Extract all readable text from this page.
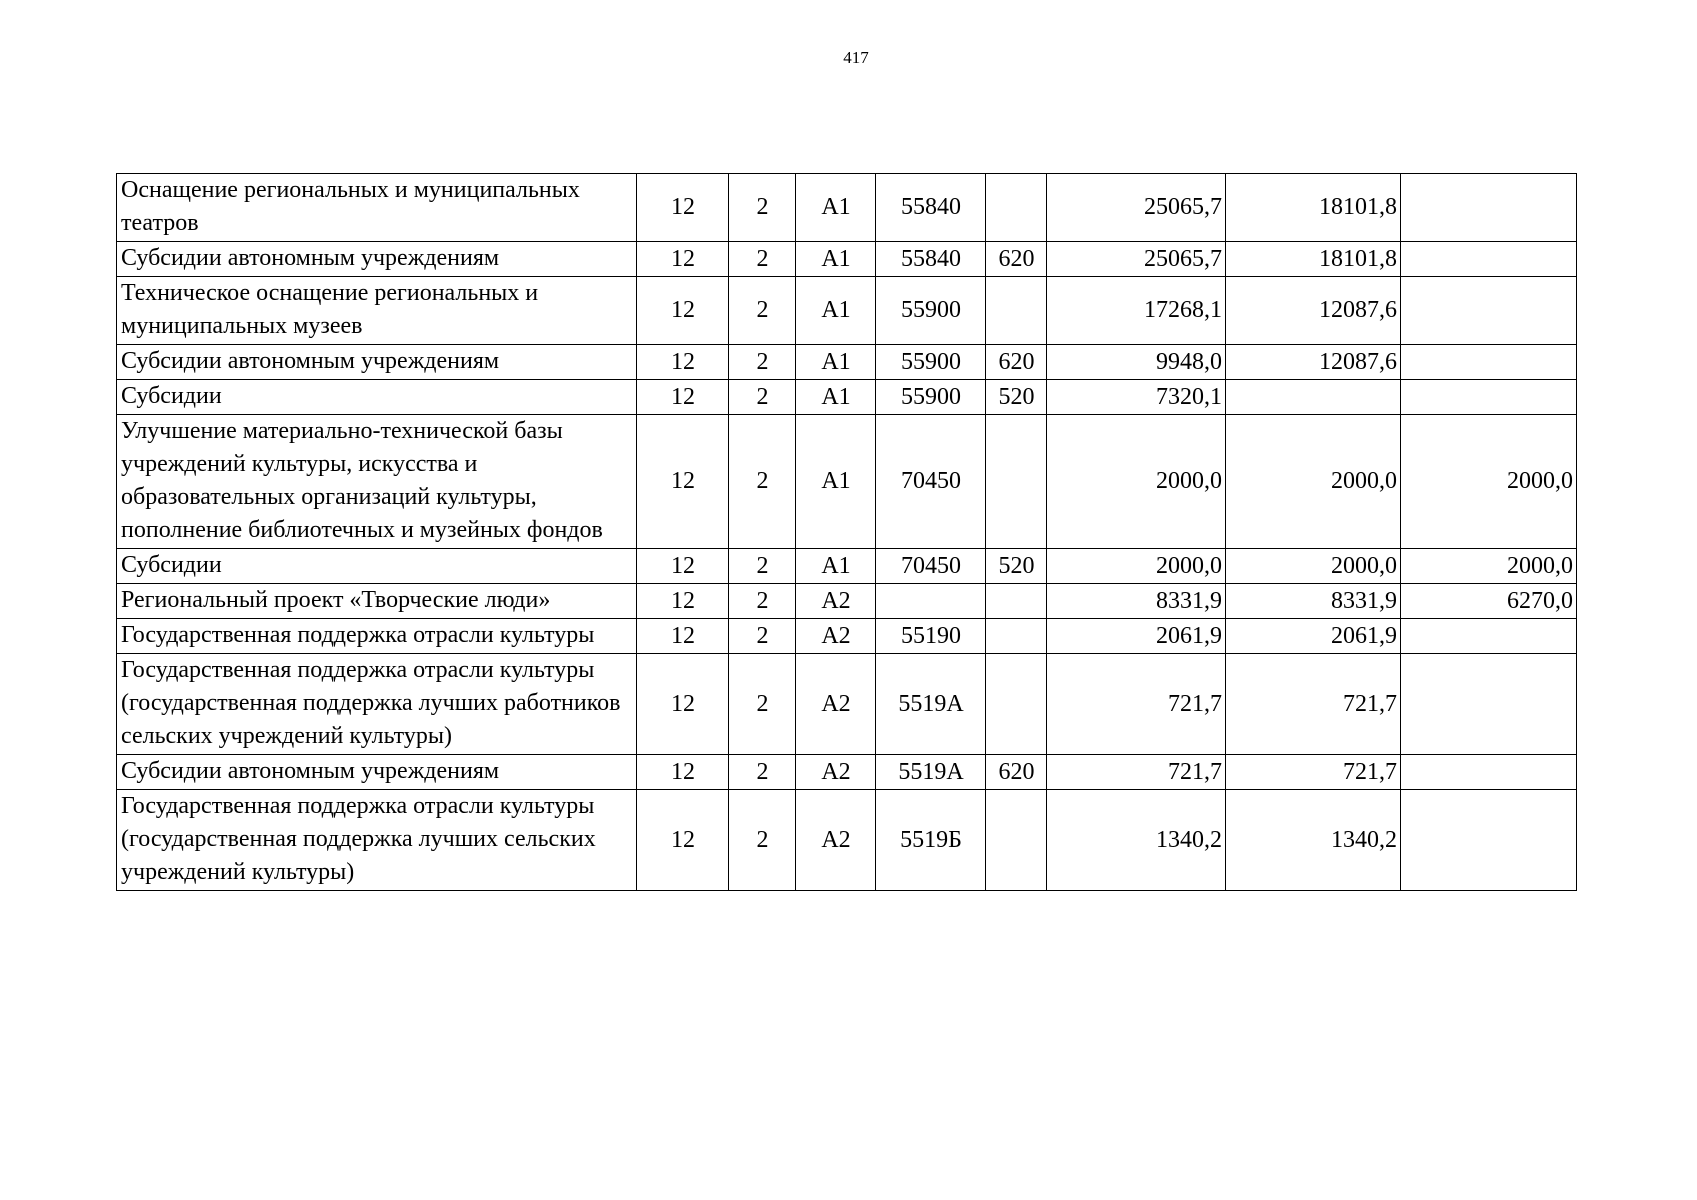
417
Оснащение региональных и муниципальных театров	12	2	A1	55840		25065,7	18101,8	
Субсидии автономным учреждениям	12	2	A1	55840	620	25065,7	18101,8	
Техническое оснащение региональных и муниципальных музеев	12	2	A1	55900		17268,1	12087,6	
Субсидии автономным учреждениям	12	2	A1	55900	620	9948,0	12087,6	
Субсидии	12	2	A1	55900	520	7320,1		
Улучшение материально-технической базы учреждений культуры, искусства и образовательных организаций культуры, пополнение библиотечных и музейных фондов	12	2	A1	70450		2000,0	2000,0	2000,0
Субсидии	12	2	A1	70450	520	2000,0	2000,0	2000,0
Региональный проект «Творческие люди»	12	2	A2			8331,9	8331,9	6270,0
Государственная поддержка отрасли культуры	12	2	A2	55190		2061,9	2061,9	
Государственная поддержка отрасли культуры (государственная поддержка лучших работников сельских учреждений культуры)	12	2	A2	5519A		721,7	721,7	
Субсидии автономным учреждениям	12	2	A2	5519A	620	721,7	721,7	
Государственная поддержка отрасли культуры (государственная поддержка лучших сельских учреждений культуры)	12	2	A2	5519Б		1340,2	1340,2	
